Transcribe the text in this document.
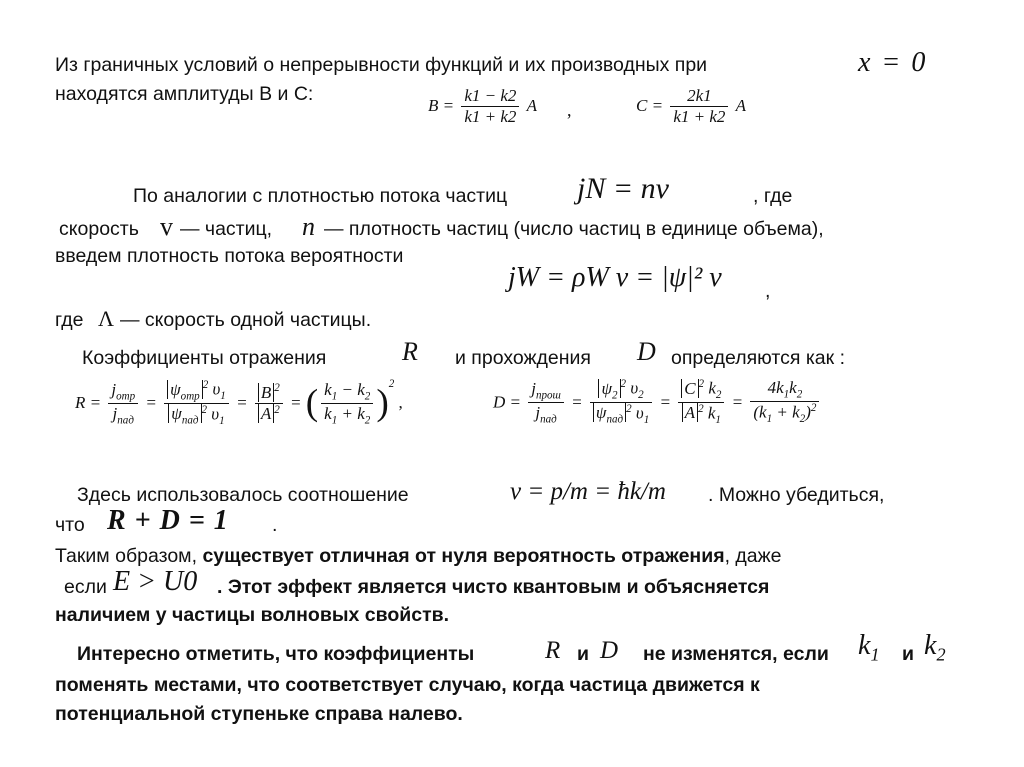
Из граничных условий о непрерывности функций и их производных при	x = 0
находятся амплитуды B и C:
$B = \frac{k1 - k2}{k1 + k2}$ A ,	$C = \frac{2k1}{k1 + k2}$ A
По аналогии с плотностью потока частиц jN = nv	, где
скорость v — частиц, n — плотность частиц (число частиц в единице объема),
введем плотность потока вероятности
jW = ρW v = |ψ|² v ,
где Λ — скорость одной частицы.
Коэффициенты отражения	R и прохождения D определяются как :
$R = \frac{j_{отр}}{j_{пад}} = \frac{\psi_{отр}^2 \upsilon_1}{\psi_{пад}^2 \upsilon_1} = \frac{B ^2}{A ^2}$ = ( $\frac{k_1 - k_2}{k_1 + k_2} )^2$ ,	$D = \frac{j_{прош}}{j_{пад}} = \frac{\psi_2^2 \upsilon_2}{\psi_{пад}^2 \upsilon_1} = \frac{C ^2 k_2}{A ^2 k_1} = \frac{4k_1k_2}{(k_1 + k_2)^2}$
Здесь использовалось соотношение	v = p/m = ħk/m . Можно убедиться,
что R + D = 1 .
Таким образом, существует отличная от нуля вероятность отражения, даже
если E > U0 . Этот эффект является чисто квантовым и объясняется
наличием у частицы волновых свойств.
Интересно отметить, что коэффициенты	R и D не изменятся, если $k_1$ и $k_2$
поменять местами, что соответствует случаю, когда частица движется к
потенциальной ступеньке справа налево.
